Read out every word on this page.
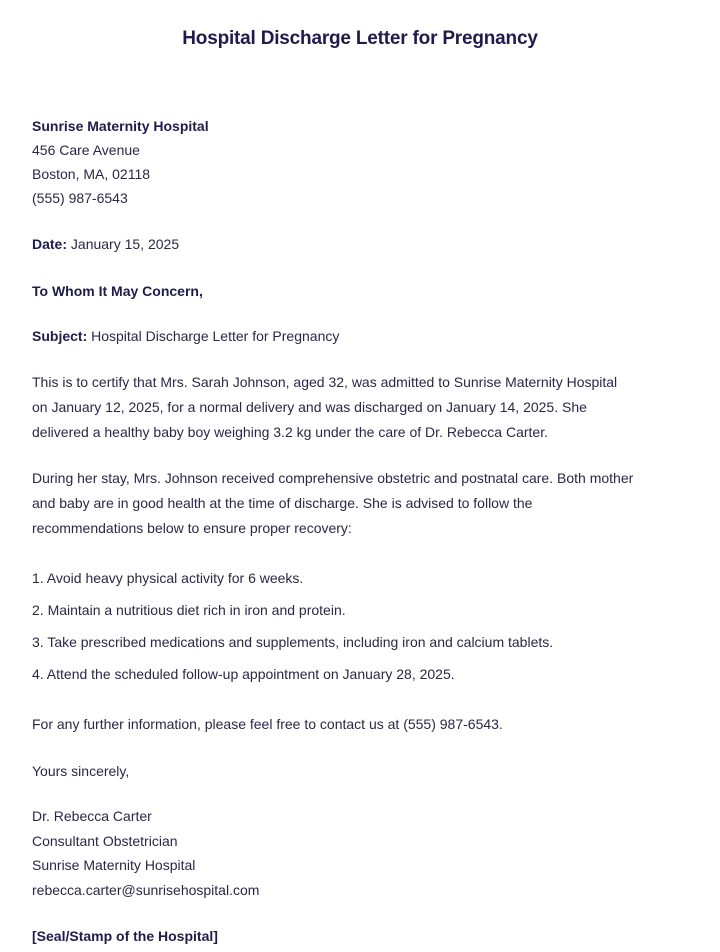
Hospital Discharge Letter for Pregnancy
Sunrise Maternity Hospital
456 Care Avenue
Boston, MA, 02118
(555) 987-6543
Date: January 15, 2025
To Whom It May Concern,
Subject: Hospital Discharge Letter for Pregnancy
This is to certify that Mrs. Sarah Johnson, aged 32, was admitted to Sunrise Maternity Hospital
on January 12, 2025, for a normal delivery and was discharged on January 14, 2025. She
delivered a healthy baby boy weighing 3.2 kg under the care of Dr. Rebecca Carter.
During her stay, Mrs. Johnson received comprehensive obstetric and postnatal care. Both mother
and baby are in good health at the time of discharge. She is advised to follow the
recommendations below to ensure proper recovery:
1. Avoid heavy physical activity for 6 weeks.
2. Maintain a nutritious diet rich in iron and protein.
3. Take prescribed medications and supplements, including iron and calcium tablets.
4. Attend the scheduled follow-up appointment on January 28, 2025.
For any further information, please feel free to contact us at (555) 987-6543.
Yours sincerely,
Dr. Rebecca Carter
Consultant Obstetrician
Sunrise Maternity Hospital
rebecca.carter@sunrisehospital.com
[Seal/Stamp of the Hospital]
